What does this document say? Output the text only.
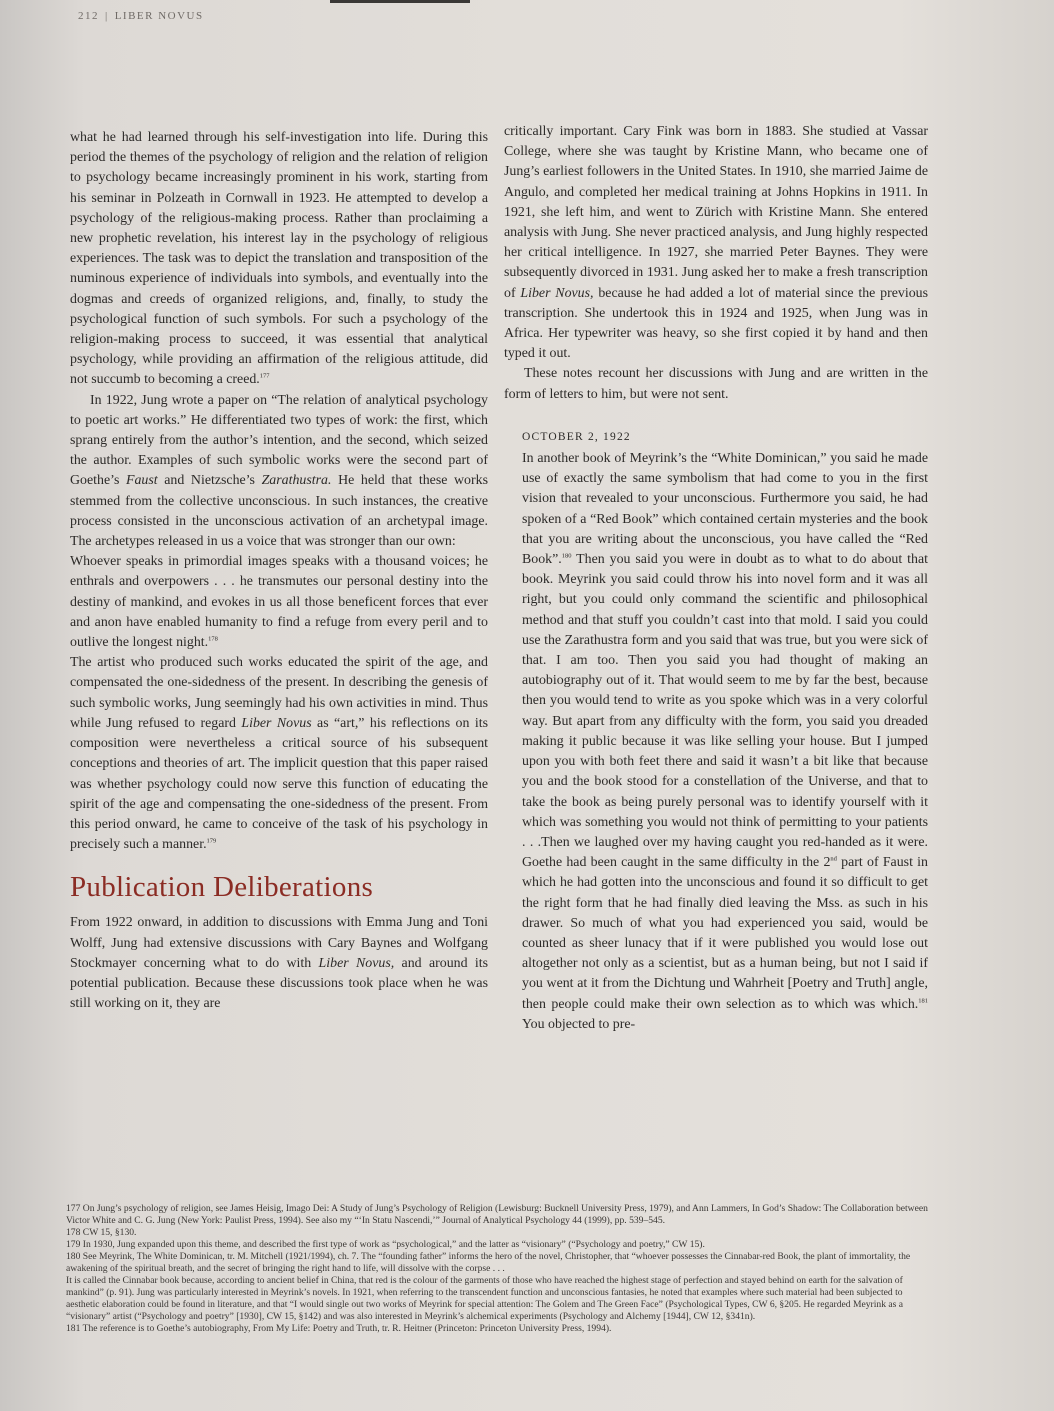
212 | LIBER NOVUS

what he had learned through his self-investigation into life. During this period the themes of the psychology of religion and the relation of religion to psychology became increasingly prominent in his work, starting from his seminar in Polzeath in Cornwall in 1923. He attempted to develop a psychology of the religious-making process. Rather than proclaiming a new prophetic revelation, his interest lay in the psychology of religious experiences. The task was to depict the translation and transposition of the numinous experience of individuals into symbols, and eventually into the dogmas and creeds of organized religions, and, finally, to study the psychological function of such symbols. For such a psychology of the religion-making process to succeed, it was essential that analytical psychology, while providing an affirmation of the religious attitude, did not succumb to becoming a creed.$^{177}$

In 1922, Jung wrote a paper on “The relation of analytical psychology to poetic art works.” He differentiated two types of work: the first, which sprang entirely from the author’s intention, and the second, which seized the author. Examples of such symbolic works were the second part of Goethe’s Faust and Nietzsche’s Zarathustra. He held that these works stemmed from the collective unconscious. In such instances, the creative process consisted in the unconscious activation of an archetypal image. The archetypes released in us a voice that was stronger than our own:

Whoever speaks in primordial images speaks with a thousand voices; he enthrals and overpowers . . . he transmutes our personal destiny into the destiny of mankind, and evokes in us all those beneficent forces that ever and anon have enabled humanity to find a refuge from every peril and to outlive the longest night.$^{178}$

The artist who produced such works educated the spirit of the age, and compensated the one-sidedness of the present. In describing the genesis of such symbolic works, Jung seemingly had his own activities in mind. Thus while Jung refused to regard Liber Novus as “art,” his reflections on its composition were nevertheless a critical source of his subsequent conceptions and theories of art. The implicit question that this paper raised was whether psychology could now serve this function of educating the spirit of the age and compensating the one-sidedness of the present. From this period onward, he came to conceive of the task of his psychology in precisely such a manner.$^{179}$

Publication Deliberations

From 1922 onward, in addition to discussions with Emma Jung and Toni Wolff, Jung had extensive discussions with Cary Baynes and Wolfgang Stockmayer concerning what to do with Liber Novus, and around its potential publication. Because these discussions took place when he was still working on it, they are

critically important. Cary Fink was born in 1883. She studied at Vassar College, where she was taught by Kristine Mann, who became one of Jung’s earliest followers in the United States. In 1910, she married Jaime de Angulo, and completed her medical training at Johns Hopkins in 1911. In 1921, she left him, and went to Zürich with Kristine Mann. She entered analysis with Jung. She never practiced analysis, and Jung highly respected her critical intelligence. In 1927, she married Peter Baynes. They were subsequently divorced in 1931. Jung asked her to make a fresh transcription of Liber Novus, because he had added a lot of material since the previous transcription. She undertook this in 1924 and 1925, when Jung was in Africa. Her typewriter was heavy, so she first copied it by hand and then typed it out.

These notes recount her discussions with Jung and are written in the form of letters to him, but were not sent.

OCTOBER 2, 1922

In another book of Meyrink’s the “White Dominican,” you said he made use of exactly the same symbolism that had come to you in the first vision that revealed to your unconscious. Furthermore you said, he had spoken of a “Red Book” which contained certain mysteries and the book that you are writing about the unconscious, you have called the “Red Book”.$^{180}$ Then you said you were in doubt as to what to do about that book. Meyrink you said could throw his into novel form and it was all right, but you could only command the scientific and philosophical method and that stuff you couldn’t cast into that mold. I said you could use the Zarathustra form and you said that was true, but you were sick of that. I am too. Then you said you had thought of making an autobiography out of it. That would seem to me by far the best, because then you would tend to write as you spoke which was in a very colorful way. But apart from any difficulty with the form, you said you dreaded making it public because it was like selling your house. But I jumped upon you with both feet there and said it wasn’t a bit like that because you and the book stood for a constellation of the Universe, and that to take the book as being purely personal was to identify yourself with it which was something you would not think of permitting to your patients . . .Then we laughed over my having caught you red-handed as it were. Goethe had been caught in the same difficulty in the 2nd part of Faust in which he had gotten into the unconscious and found it so difficult to get the right form that he had finally died leaving the Mss. as such in his drawer. So much of what you had experienced you said, would be counted as sheer lunacy that if it were published you would lose out altogether not only as a scientist, but as a human being, but not I said if you went at it from the Dichtung und Wahrheit [Poetry and Truth] angle, then people could make their own selection as to which was which.$^{181}$ You objected to pre-

177 On Jung’s psychology of religion, see James Heisig, Imago Dei: A Study of Jung’s Psychology of Religion (Lewisburg: Bucknell University Press, 1979), and Ann Lammers, In God’s Shadow: The Collaboration between Victor White and C. G. Jung (New York: Paulist Press, 1994). See also my “‘In Statu Nascendi,’” Journal of Analytical Psychology 44 (1999), pp. 539–545.

178 CW 15, §130.

179 In 1930, Jung expanded upon this theme, and described the first type of work as “psychological,” and the latter as “visionary” (“Psychology and poetry,” CW 15).

180 See Meyrink, The White Dominican, tr. M. Mitchell (1921/1994), ch. 7. The “founding father” informs the hero of the novel, Christopher, that “whoever possesses the Cinnabar-red Book, the plant of immortality, the awakening of the spiritual breath, and the secret of bringing the right hand to life, will dissolve with the corpse . . .

It is called the Cinnabar book because, according to ancient belief in China, that red is the colour of the garments of those who have reached the highest stage of perfection and stayed behind on earth for the salvation of mankind” (p. 91). Jung was particularly interested in Meyrink’s novels. In 1921, when referring to the transcendent function and unconscious fantasies, he noted that examples where such material had been subjected to aesthetic elaboration could be found in literature, and that “I would single out two works of Meyrink for special attention: The Golem and The Green Face” (Psychological Types, CW 6, §205. He regarded Meyrink as a “visionary” artist (“Psychology and poetry” [1930], CW 15, §142) and was also interested in Meyrink’s alchemical experiments (Psychology and Alchemy [1944], CW 12, §341n).

181 The reference is to Goethe’s autobiography, From My Life: Poetry and Truth, tr. R. Heitner (Princeton: Princeton University Press, 1994).
